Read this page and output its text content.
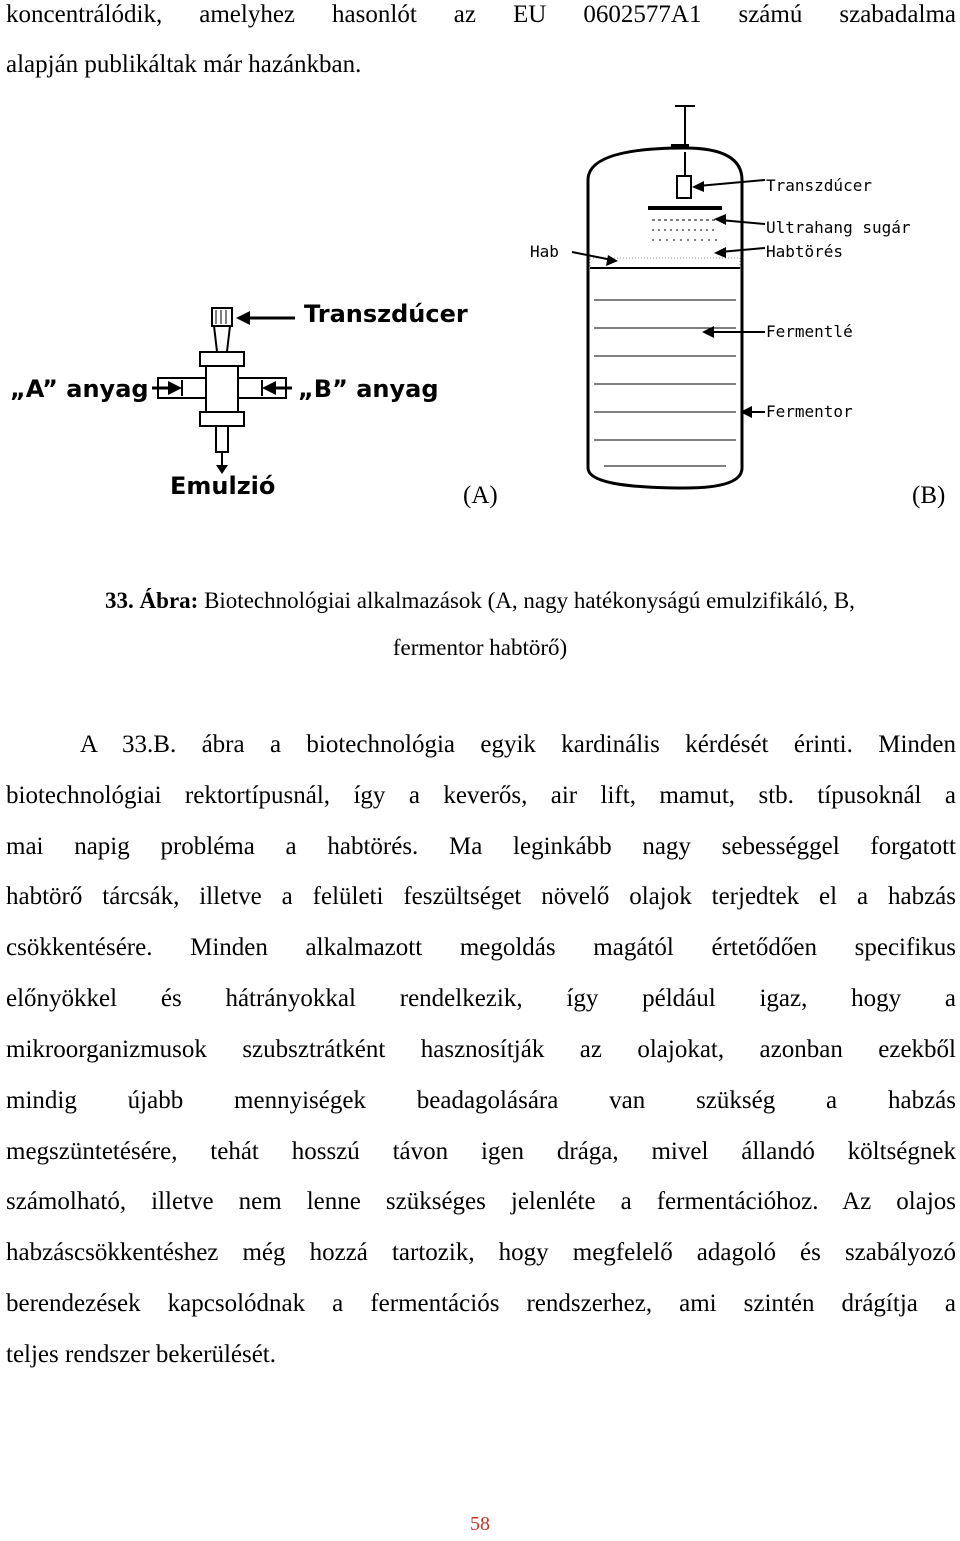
koncentrálódik, amelyhez hasonlót az EU 0602577A1 számú szabadalma
alapján publikáltak már hazánkban.
Transzdúcer
„A” anyag	„B” anyag
Emulzió	(A)
Transzdúcer
Ultrahang sugár
Habtörés
Hab
Fermentlé
Fermentor
(B)
33. Ábra: Biotechnológiai alkalmazások (A, nagy hatékonyságú emulzifikáló, B,
fermentor habtörő)
A 33.B. ábra a biotechnológia egyik kardinális kérdését érinti. Minden
biotechnológiai rektortípusnál, így a keverős, air lift, mamut, stb. típusoknál a
mai napig probléma a habtörés. Ma leginkább nagy sebességgel forgatott
habtörő tárcsák, illetve a felületi feszültséget növelő olajok terjedtek el a habzás
csökkentésére. Minden alkalmazott megoldás magától értetődően specifikus
előnyökkel és hátrányokkal rendelkezik, így például igaz, hogy a
mikroorganizmusok szubsztrátként hasznosítják az olajokat, azonban ezekből
mindig újabb mennyiségek beadagolására van szükség a habzás
megszüntetésére, tehát hosszú távon igen drága, mivel állandó költségnek
számolható, illetve nem lenne szükséges jelenléte a fermentációhoz. Az olajos
habzáscsökkentéshez még hozzá tartozik, hogy megfelelő adagoló és szabályozó
berendezések kapcsolódnak a fermentációs rendszerhez, ami szintén drágítja a
teljes rendszer bekerülését.
58
